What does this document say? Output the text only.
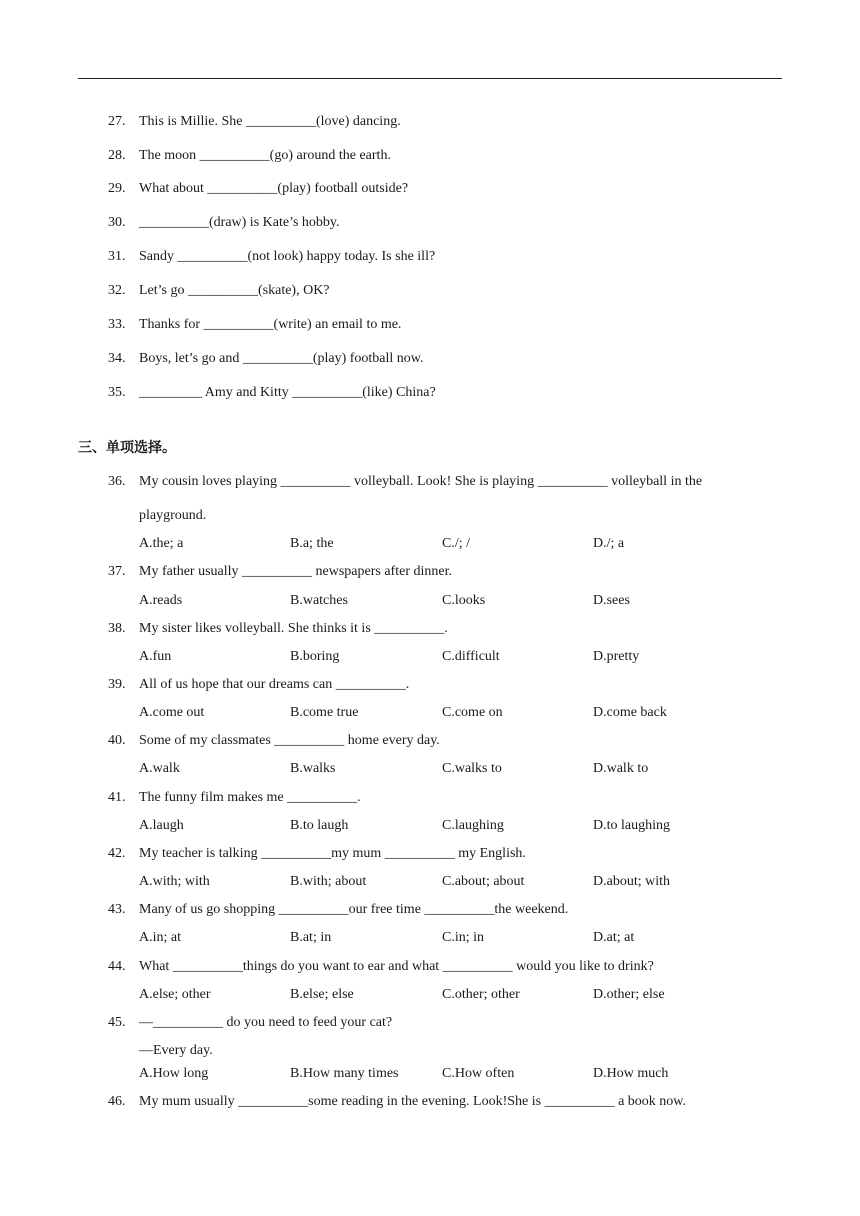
27. This is Millie. She __________(love) dancing.
28. The moon __________(go) around the earth.
29. What about __________(play) football outside?
30. __________(draw) is Kate’s hobby.
31. Sandy __________(not look) happy today. Is she ill?
32. Let’s go __________(skate), OK?
33. Thanks for __________(write) an email to me.
34. Boys, let’s go and __________(play) football now.
35. _________ Amy and Kitty __________(like) China?
三、单项选择。
36. My cousin loves playing __________ volleyball. Look! She is playing __________ volleyball in the
playground.
A.the; a	B.a; the	C./; /	D./; a
37. My father usually __________ newspapers after dinner.
A.reads	B.watches	C.looks	D.sees
38. My sister likes volleyball. She thinks it is __________.
A.fun	B.boring	C.difficult	D.pretty
39. All of us hope that our dreams can __________.
A.come out	B.come true	C.come on	D.come back
40. Some of my classmates __________ home every day.
A.walk	B.walks	C.walks to	D.walk to
41. The funny film makes me __________.
A.laugh	B.to laugh	C.laughing	D.to laughing
42. My teacher is talking __________my mum __________ my English.
A.with; with	B.with; about	C.about; about	D.about; with
43. Many of us go shopping __________our free time __________the weekend.
A.in; at	B.at; in	C.in; in	D.at; at
44. What __________things do you want to ear and what __________ would you like to drink?
A.else; other	B.else; else	C.other; other	D.other; else
45. —__________ do you need to feed your cat?
—Every day.
A.How long	B.How many times	C.How often	D.How much
46. My mum usually __________some reading in the evening. Look!She is __________ a book now.
